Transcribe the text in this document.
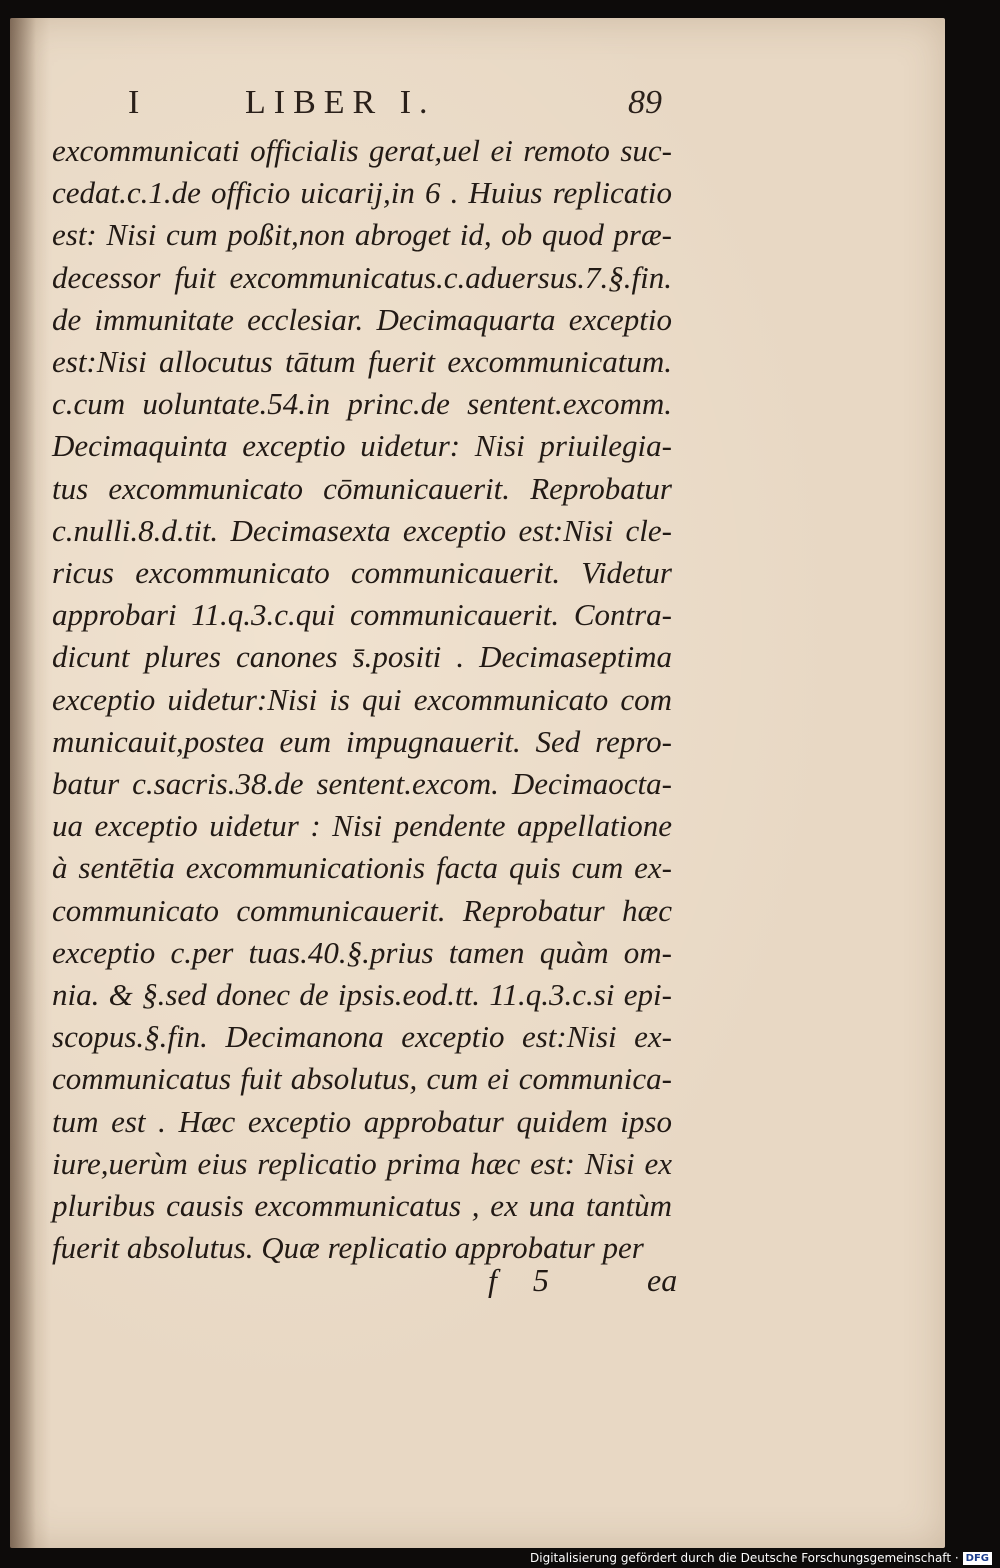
I	LIBER I.	89
excommunicati officialis gerat,uel ei remoto suc-
cedat.c.1.de officio uicarij,in 6 . Huius replicatio
est: Nisi cum poßit,non abroget id, ob quod præ-
decessor fuit excommunicatus.c.aduersus.7.§.fin.
de immunitate ecclesiar. Decimaquarta exceptio
est:Nisi allocutus tātum fuerit excommunicatum.
c.cum uoluntate.54.in princ.de sentent.excomm.
Decimaquinta exceptio uidetur: Nisi priuilegia-
tus excommunicato cōmunicauerit. Reprobatur
c.nulli.8.d.tit. Decimasexta exceptio est:Nisi cle-
ricus excommunicato communicauerit. Videtur
approbari 11.q.3.c.qui communicauerit. Contra-
dicunt plures canones s̄.positi . Decimaseptima
exceptio uidetur:Nisi is qui excommunicato com
municauit,postea eum impugnauerit. Sed repro-
batur c.sacris.38.de sentent.excom. Decimaocta-
ua exceptio uidetur : Nisi pendente appellatione
à sentētia excommunicationis facta quis cum ex-
communicato communicauerit. Reprobatur hæc
exceptio c.per tuas.40.§.prius tamen quàm om-
nia. & §.sed donec de ipsis.eod.tt. 11.q.3.c.si epi-
scopus.§.fin. Decimanona exceptio est:Nisi ex-
communicatus fuit absolutus, cum ei communica-
tum est . Hæc exceptio approbatur quidem ipso
iure,uerùm eius replicatio prima hæc est: Nisi ex
pluribus causis excommunicatus , ex una tantùm
fuerit absolutus. Quæ replicatio approbatur per
f 5	ea
Digitalisierung gefördert durch die Deutsche Forschungsgemeinschaft · DFG
